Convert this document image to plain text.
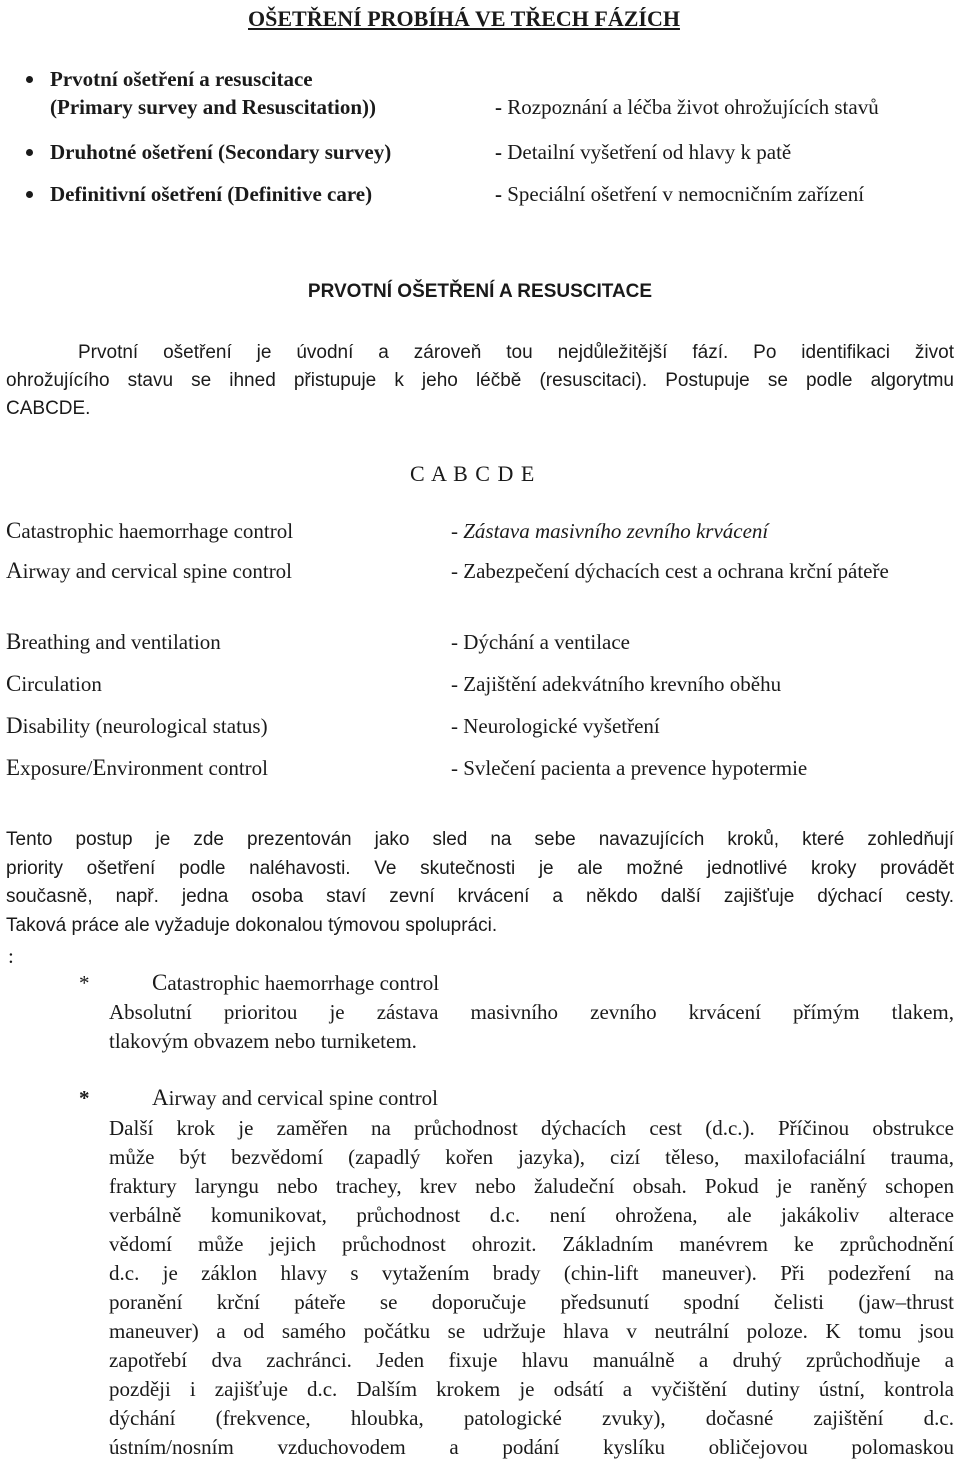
OŠETŘENÍ PROBÍHÁ VE TŘECH FÁZÍCH
Prvotní ošetření a resuscitace
(Primary survey and Resuscitation))	- Rozpoznání a léčba život ohrožujících stavů
Druhotné ošetření (Secondary survey)	- Detailní vyšetření od hlavy k patě
Definitivní ošetření (Definitive care)	- Speciální ošetření v nemocničním zařízení
PRVOTNÍ OŠETŘENÍ A RESUSCITACE
Prvotní ošetření je úvodní a zároveň tou nejdůležitější fází. Po identifikaci život
ohrožujícího stavu se ihned přistupuje k jeho léčbě (resuscitaci). Postupuje se podle algorytmu
CABCDE.
C A B C D E
Catastrophic haemorrhage control	- Zástava masivního zevního krvácení
Airway and cervical spine control	- Zabezpečení dýchacích cest a ochrana krční páteře
Breathing and ventilation	- Dýchání a ventilace
Circulation	- Zajištění adekvátního krevního oběhu
Disability (neurological status)	- Neurologické vyšetření
Exposure/Environment control	- Svlečení pacienta a prevence hypotermie
Tento postup je zde prezentován jako sled na sebe navazujících kroků, které zohledňují
priority ošetření podle naléhavosti. Ve skutečnosti je ale možné jednotlivé kroky provádět
současně, např. jedna osoba staví zevní krvácení a někdo další zajišťuje dýchací cesty.
Taková práce ale vyžaduje dokonalou týmovou spolupráci.
:
*	Catastrophic haemorrhage control
Absolutní prioritou je zástava masivního zevního krvácení přímým tlakem,
tlakovým obvazem nebo turniketem.
*	Airway and cervical spine control
Další krok je zaměřen na průchodnost dýchacích cest (d.c.). Příčinou obstrukce
může být bezvědomí (zapadlý kořen jazyka), cizí těleso, maxilofaciální trauma,
fraktury laryngu nebo trachey, krev nebo žaludeční obsah. Pokud je raněný schopen
verbálně komunikovat, průchodnost d.c. není ohrožena, ale jakákoliv alterace
vědomí může jejich průchodnost ohrozit. Základním manévrem ke zprůchodnění
d.c. je záklon hlavy s vytažením brady (chin-lift maneuver). Při podezření na
poranění krční páteře se doporučuje předsunutí spodní čelisti (jaw–thrust
maneuver) a od samého počátku se udržuje hlava v neutrální poloze. K tomu jsou
zapotřebí dva zachránci. Jeden fixuje hlavu manuálně a druhý zprůchodňuje a
později i zajišťuje d.c. Dalším krokem je odsátí a vyčištění dutiny ústní, kontrola
dýchání (frekvence, hloubka, patologické zvuky), dočasné zajištění d.c.
ústním/nosním vzduchovodem a podání kyslíku obličejovou polomaskou
